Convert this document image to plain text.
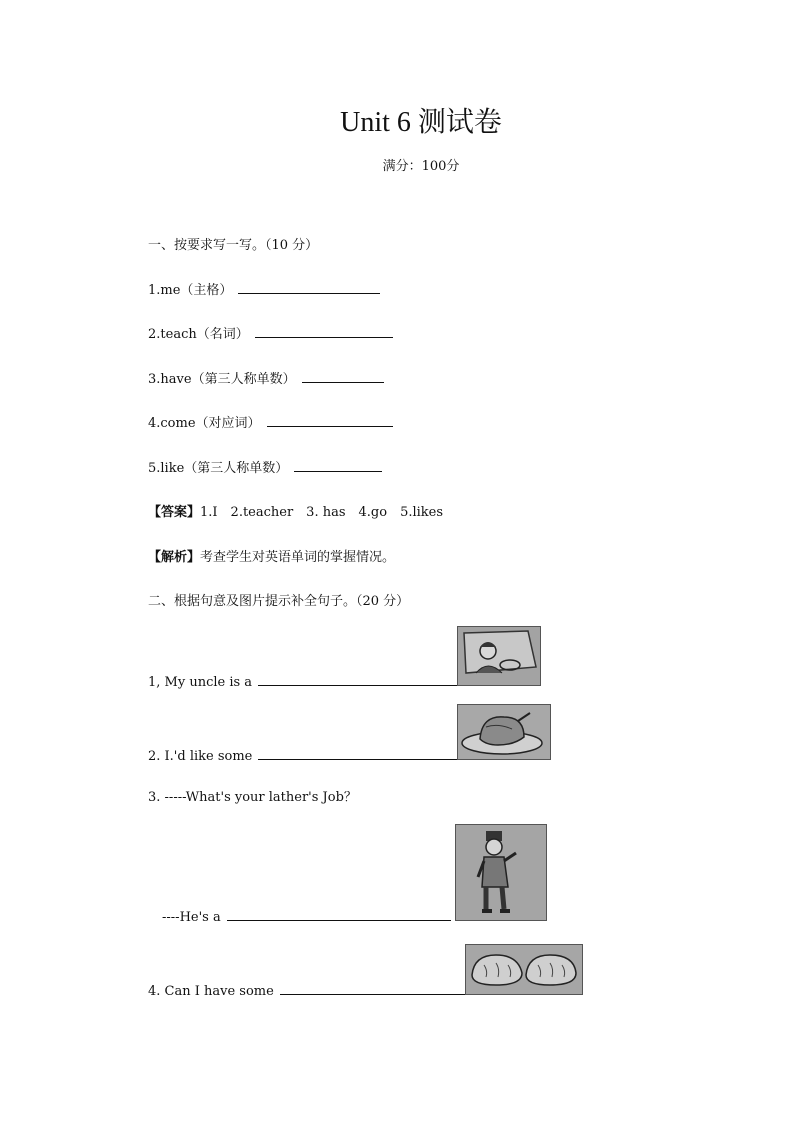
Unit 6 测试卷
满分：100分
一、按要求写一写。（10 分）
1.me（主格）
2.teach（名词）
3.have（第三人称单数）
4.come（对应词）
5.like（第三人称单数）
【答案】1.I　2.teacher　3. has　4.go　5.likes
【解析】考查学生对英语单词的掌握情况。
二、根据句意及图片提示补全句子。（20 分）
1, My uncle is a
2. I.'d like some
3. -----What's your lather's Job？
----He's a
4. Can I have some
